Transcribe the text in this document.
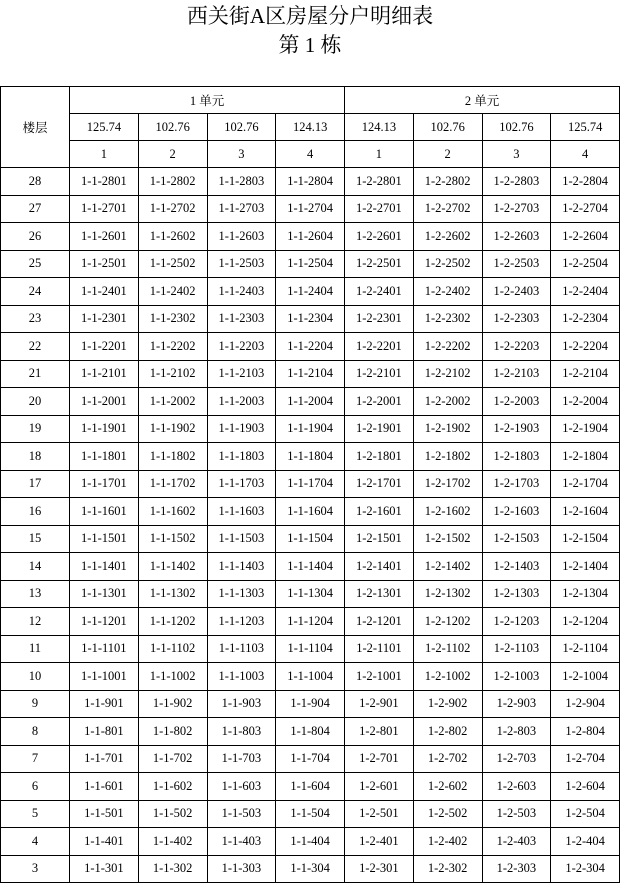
西关街A区房屋分户明细表
第 1 栋
楼层	1 单元				2 单元			
	125.74	102.76	102.76	124.13	124.13	102.76	102.76	125.74
	1	2	3	4	1	2	3	4
28	1-1-2801	1-1-2802	1-1-2803	1-1-2804	1-2-2801	1-2-2802	1-2-2803	1-2-2804
27	1-1-2701	1-1-2702	1-1-2703	1-1-2704	1-2-2701	1-2-2702	1-2-2703	1-2-2704
26	1-1-2601	1-1-2602	1-1-2603	1-1-2604	1-2-2601	1-2-2602	1-2-2603	1-2-2604
25	1-1-2501	1-1-2502	1-1-2503	1-1-2504	1-2-2501	1-2-2502	1-2-2503	1-2-2504
24	1-1-2401	1-1-2402	1-1-2403	1-1-2404	1-2-2401	1-2-2402	1-2-2403	1-2-2404
23	1-1-2301	1-1-2302	1-1-2303	1-1-2304	1-2-2301	1-2-2302	1-2-2303	1-2-2304
22	1-1-2201	1-1-2202	1-1-2203	1-1-2204	1-2-2201	1-2-2202	1-2-2203	1-2-2204
21	1-1-2101	1-1-2102	1-1-2103	1-1-2104	1-2-2101	1-2-2102	1-2-2103	1-2-2104
20	1-1-2001	1-1-2002	1-1-2003	1-1-2004	1-2-2001	1-2-2002	1-2-2003	1-2-2004
19	1-1-1901	1-1-1902	1-1-1903	1-1-1904	1-2-1901	1-2-1902	1-2-1903	1-2-1904
18	1-1-1801	1-1-1802	1-1-1803	1-1-1804	1-2-1801	1-2-1802	1-2-1803	1-2-1804
17	1-1-1701	1-1-1702	1-1-1703	1-1-1704	1-2-1701	1-2-1702	1-2-1703	1-2-1704
16	1-1-1601	1-1-1602	1-1-1603	1-1-1604	1-2-1601	1-2-1602	1-2-1603	1-2-1604
15	1-1-1501	1-1-1502	1-1-1503	1-1-1504	1-2-1501	1-2-1502	1-2-1503	1-2-1504
14	1-1-1401	1-1-1402	1-1-1403	1-1-1404	1-2-1401	1-2-1402	1-2-1403	1-2-1404
13	1-1-1301	1-1-1302	1-1-1303	1-1-1304	1-2-1301	1-2-1302	1-2-1303	1-2-1304
12	1-1-1201	1-1-1202	1-1-1203	1-1-1204	1-2-1201	1-2-1202	1-2-1203	1-2-1204
11	1-1-1101	1-1-1102	1-1-1103	1-1-1104	1-2-1101	1-2-1102	1-2-1103	1-2-1104
10	1-1-1001	1-1-1002	1-1-1003	1-1-1004	1-2-1001	1-2-1002	1-2-1003	1-2-1004
9	1-1-901	1-1-902	1-1-903	1-1-904	1-2-901	1-2-902	1-2-903	1-2-904
8	1-1-801	1-1-802	1-1-803	1-1-804	1-2-801	1-2-802	1-2-803	1-2-804
7	1-1-701	1-1-702	1-1-703	1-1-704	1-2-701	1-2-702	1-2-703	1-2-704
6	1-1-601	1-1-602	1-1-603	1-1-604	1-2-601	1-2-602	1-2-603	1-2-604
5	1-1-501	1-1-502	1-1-503	1-1-504	1-2-501	1-2-502	1-2-503	1-2-504
4	1-1-401	1-1-402	1-1-403	1-1-404	1-2-401	1-2-402	1-2-403	1-2-404
3	1-1-301	1-1-302	1-1-303	1-1-304	1-2-301	1-2-302	1-2-303	1-2-304
